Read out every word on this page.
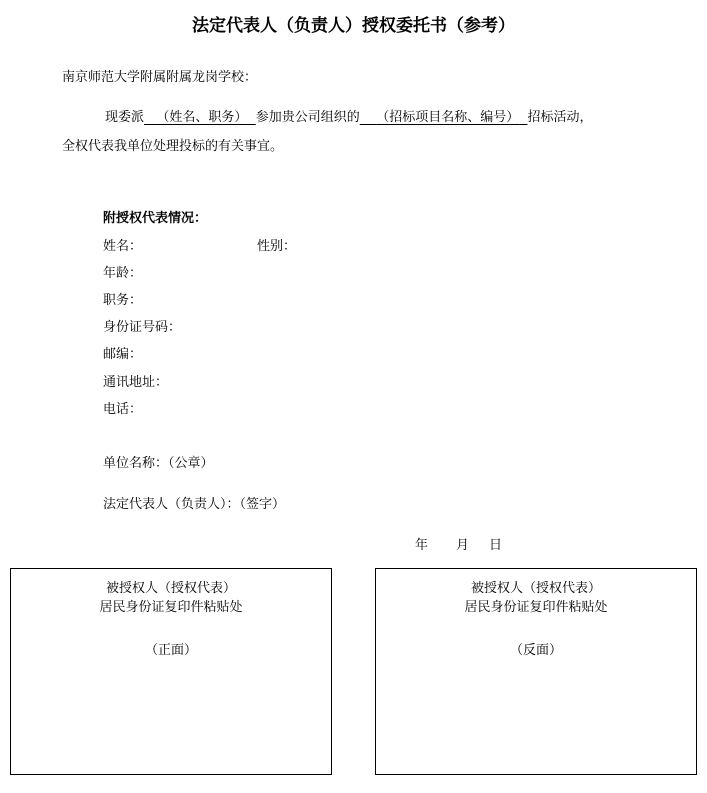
法定代表人（负责人）授权委托书（参考）
南京师范大学附属附属龙岗学校：
现委派 （姓名、职务） 参加贵公司组织的 （招标项目名称、编号） 招标活动，
全权代表我单位处理投标的有关事宜。
附授权代表情况：
姓名：	性别：
年龄：
职务：
身份证号码：
邮编：
通讯地址：
电话：
单位名称：（公章）
法定代表人（负责人）：（签字）
年 月 日
被授权人（授权代表）
居民身份证复印件粘贴处
（正面）
被授权人（授权代表）
居民身份证复印件粘贴处
（反面）
